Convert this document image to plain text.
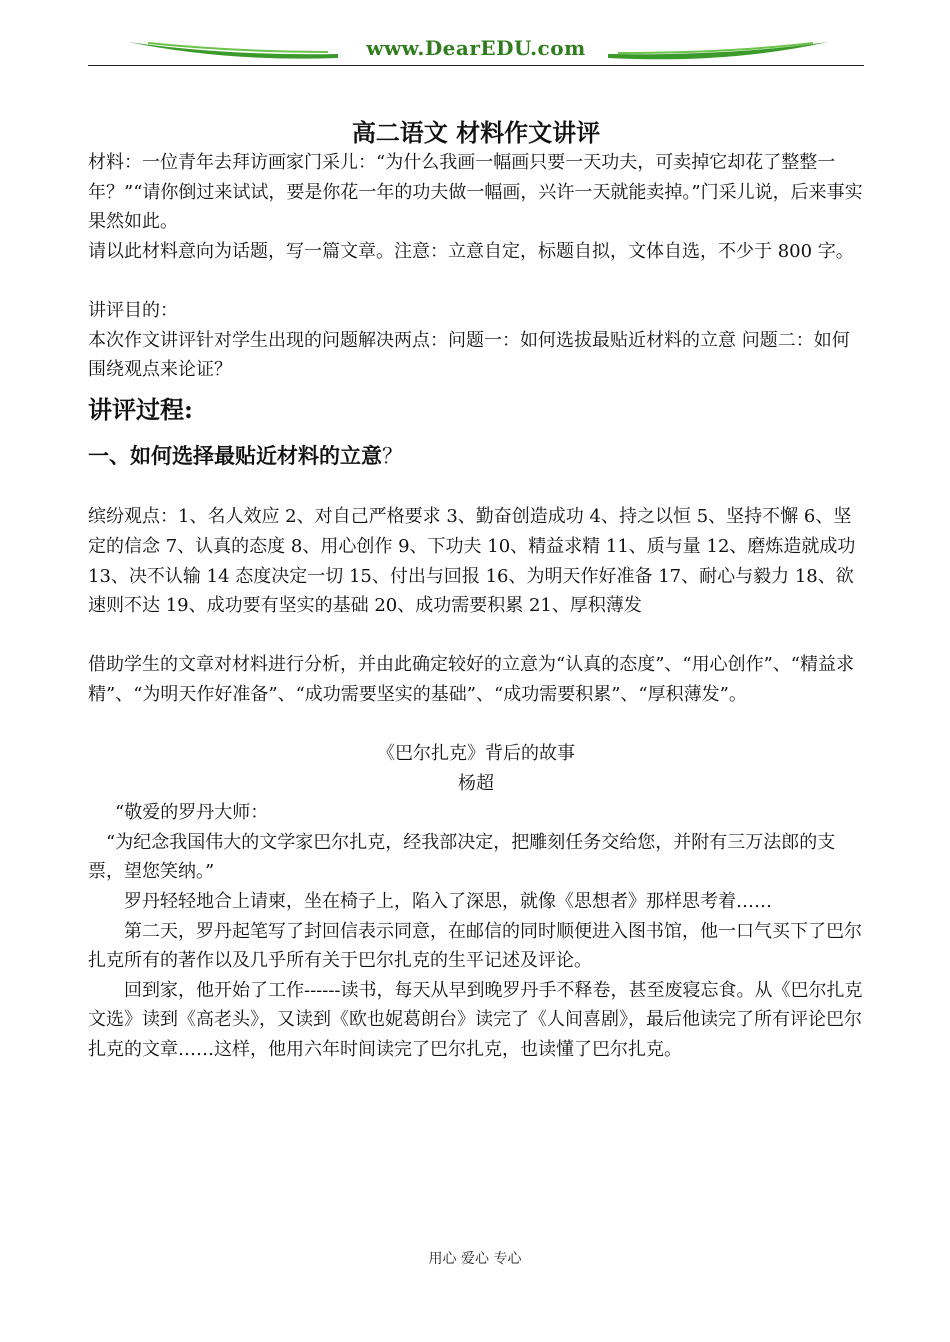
www.DearEDU.com

高二语文 材料作文讲评

材料：一位青年去拜访画家门采儿：“为什么我画一幅画只要一天功夫，可卖掉它却花了整整一年？”“请你倒过来试试，要是你花一年的功夫做一幅画，兴许一天就能卖掉。”门采儿说，后来事实果然如此。

请以此材料意向为话题，写一篇文章。注意：立意自定，标题自拟，文体自选，不少于 800 字。

讲评目的：

本次作文讲评针对学生出现的问题解决两点：问题一：如何选拔最贴近材料的立意 问题二：如何围绕观点来论证？

讲评过程:

一、如何选择最贴近材料的立意？

缤纷观点：1、名人效应 2、对自己严格要求 3、勤奋创造成功 4、持之以恒 5、坚持不懈 6、坚定的信念 7、认真的态度 8、用心创作 9、下功夫 10、精益求精 11、质与量 12、磨炼造就成功 13、决不认输 14 态度决定一切 15、付出与回报 16、为明天作好准备 17、耐心与毅力 18、欲速则不达 19、成功要有坚实的基础 20、成功需要积累 21、厚积薄发

借助学生的文章对材料进行分析，并由此确定较好的立意为“认真的态度”、“用心创作”、“精益求精”、“为明天作好准备”、“成功需要坚实的基础”、“成功需要积累”、“厚积薄发”。

《巴尔扎克》背后的故事

杨超

“敬爱的罗丹大师：

“为纪念我国伟大的文学家巴尔扎克，经我部决定，把雕刻任务交给您，并附有三万法郎的支票，望您笑纳。”

罗丹轻轻地合上请柬，坐在椅子上，陷入了深思，就像《思想者》那样思考着……

第二天，罗丹起笔写了封回信表示同意，在邮信的同时顺便进入图书馆，他一口气买下了巴尔扎克所有的著作以及几乎所有关于巴尔扎克的生平记述及评论。

回到家，他开始了工作------读书，每天从早到晚罗丹手不释卷，甚至废寝忘食。从《巴尔扎克文选》读到《高老头》，又读到《欧也妮葛朗台》读完了《人间喜剧》，最后他读完了所有评论巴尔扎克的文章……这样，他用六年时间读完了巴尔扎克，也读懂了巴尔扎克。

用心 爱心 专心
